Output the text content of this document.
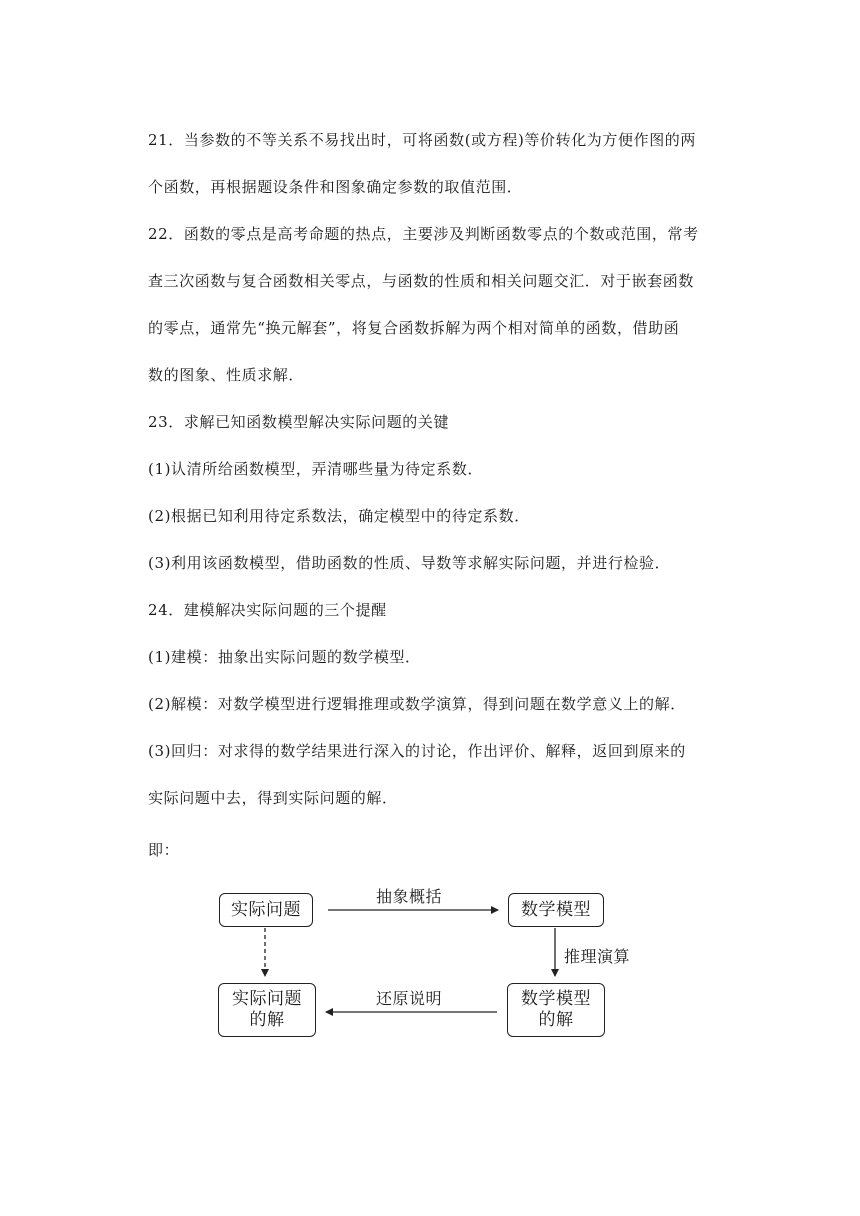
21．当参数的不等关系不易找出时，可将函数(或方程)等价转化为方便作图的两
个函数，再根据题设条件和图象确定参数的取值范围．
22．函数的零点是高考命题的热点，主要涉及判断函数零点的个数或范围，常考
查三次函数与复合函数相关零点，与函数的性质和相关问题交汇．对于嵌套函数
的零点，通常先“换元解套”，将复合函数拆解为两个相对简单的函数，借助函
数的图象、性质求解．
23．求解已知函数模型解决实际问题的关键
(1)认清所给函数模型，弄清哪些量为待定系数．
(2)根据已知利用待定系数法，确定模型中的待定系数．
(3)利用该函数模型，借助函数的性质、导数等求解实际问题，并进行检验．
24．建模解决实际问题的三个提醒
(1)建模：抽象出实际问题的数学模型．
(2)解模：对数学模型进行逻辑推理或数学演算，得到问题在数学意义上的解．
(3)回归：对求得的数学结果进行深入的讨论，作出评价、解释，返回到原来的
实际问题中去，得到实际问题的解．
即：
实际问题	数学模型
实际问题
的解
数学模型
的解
抽象概括
推理演算
还原说明
